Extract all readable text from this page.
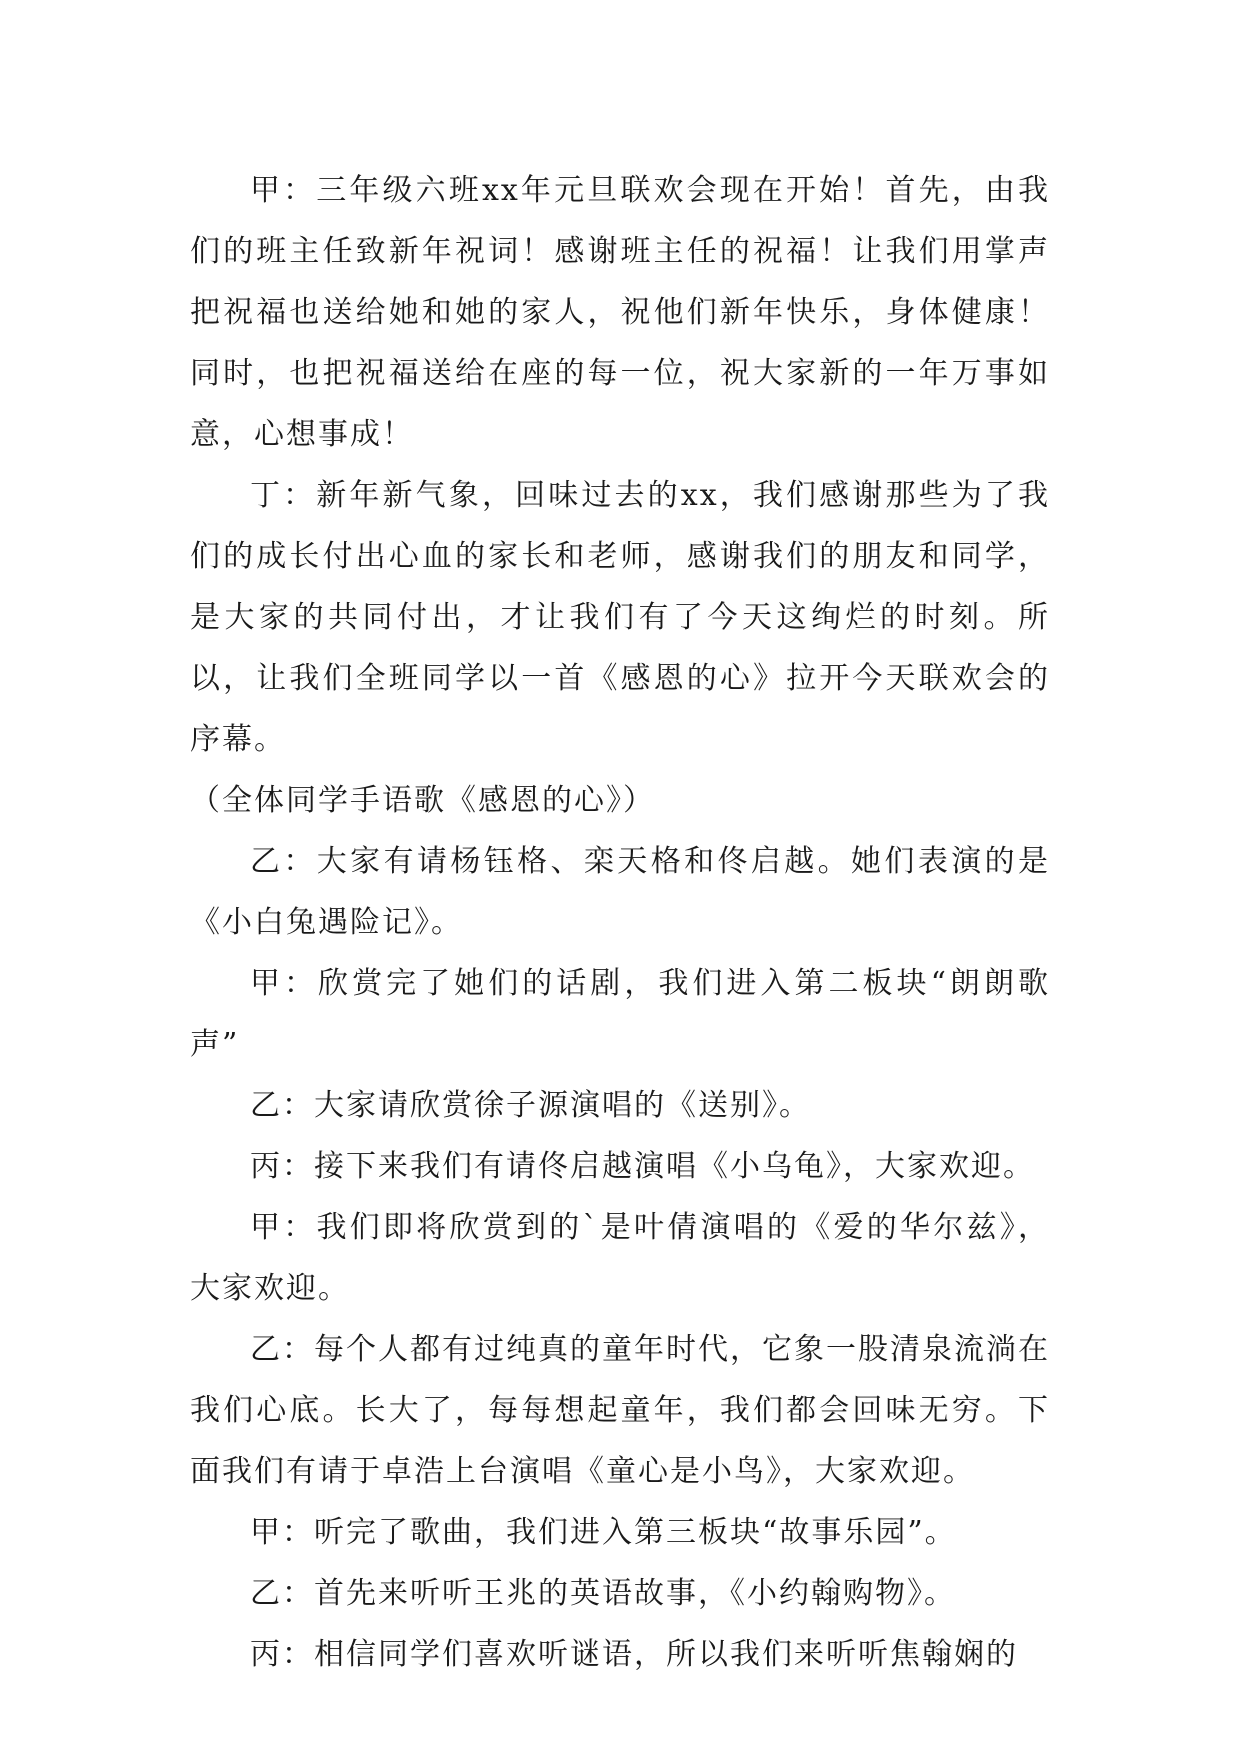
甲：三年级六班xx年元旦联欢会现在开始！首先，由我们的班主任致新年祝词！感谢班主任的祝福！让我们用掌声把祝福也送给她和她的家人，祝他们新年快乐，身体健康！同时，也把祝福送给在座的每一位，祝大家新的一年万事如意，心想事成！

丁：新年新气象，回味过去的xx，我们感谢那些为了我们的成长付出心血的家长和老师，感谢我们的朋友和同学，是大家的共同付出，才让我们有了今天这绚烂的时刻。所以，让我们全班同学以一首《感恩的心》拉开今天联欢会的序幕。

（全体同学手语歌《感恩的心》）

乙：大家有请杨钰格、栾天格和佟启越。她们表演的是《小白兔遇险记》。

甲：欣赏完了她们的话剧，我们进入第二板块“朗朗歌声”

乙：大家请欣赏徐子源演唱的《送别》。

丙：接下来我们有请佟启越演唱《小乌龟》，大家欢迎。

甲：我们即将欣赏到的`是叶倩演唱的《爱的华尔兹》，大家欢迎。

乙：每个人都有过纯真的童年时代，它象一股清泉流淌在我们心底。长大了，每每想起童年，我们都会回味无穷。下面我们有请于卓浩上台演唱《童心是小鸟》，大家欢迎。

甲：听完了歌曲，我们进入第三板块“故事乐园”。

乙：首先来听听王兆的英语故事，《小约翰购物》。

丙：相信同学们喜欢听谜语，所以我们来听听焦翰娴的
